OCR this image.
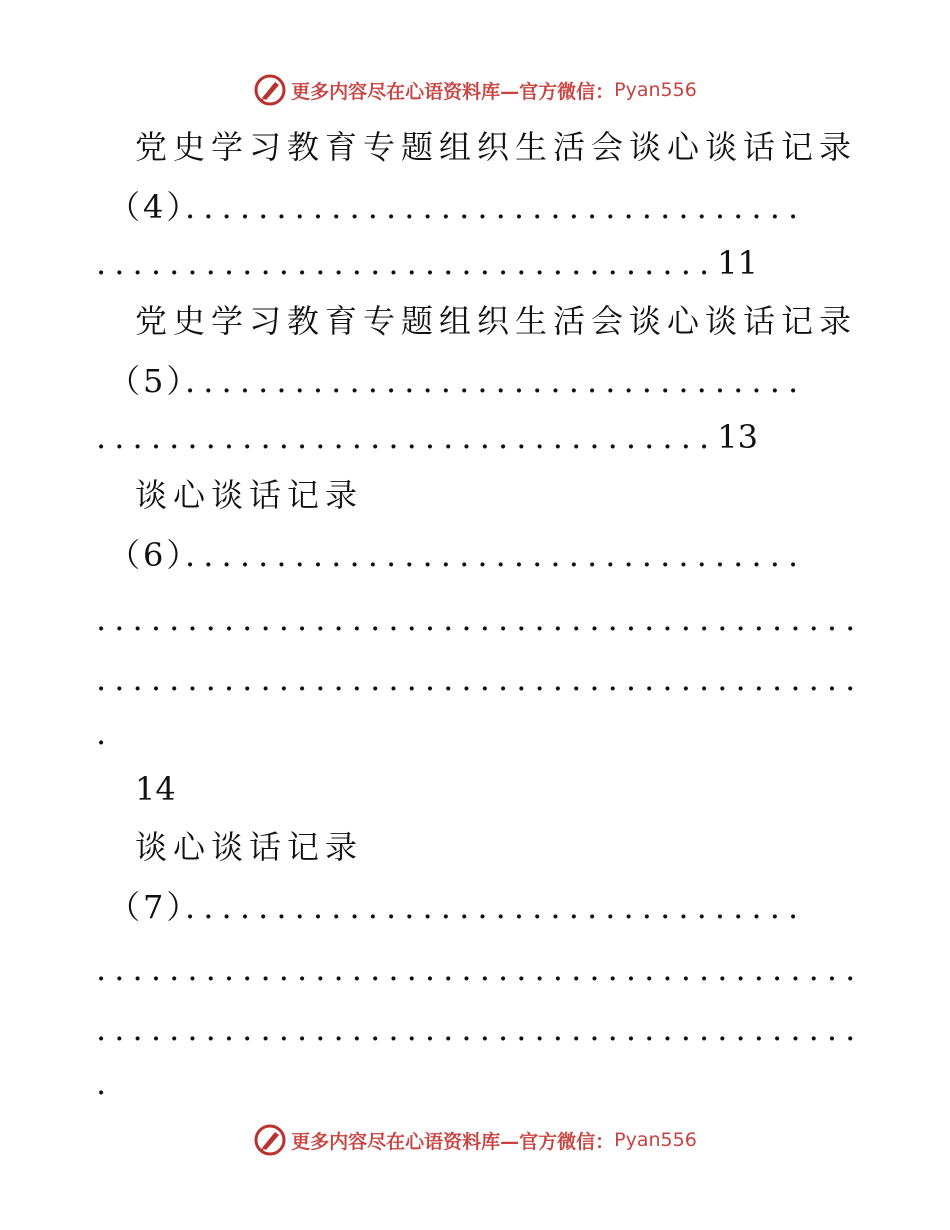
更多内容尽在心语资料库—官方微信： Pyan556
党史学习教育专题组织生活会谈心谈话记录
（4）
..................................
..................................11
党史学习教育专题组织生活会谈心谈话记录
（5）
..................................
..................................13
谈心谈话记录
（6）
..................................
..........................................
..........................................
.
14
谈心谈话记录
（7）
..................................
..........................................
..........................................
.
更多内容尽在心语资料库—官方微信： Pyan556
